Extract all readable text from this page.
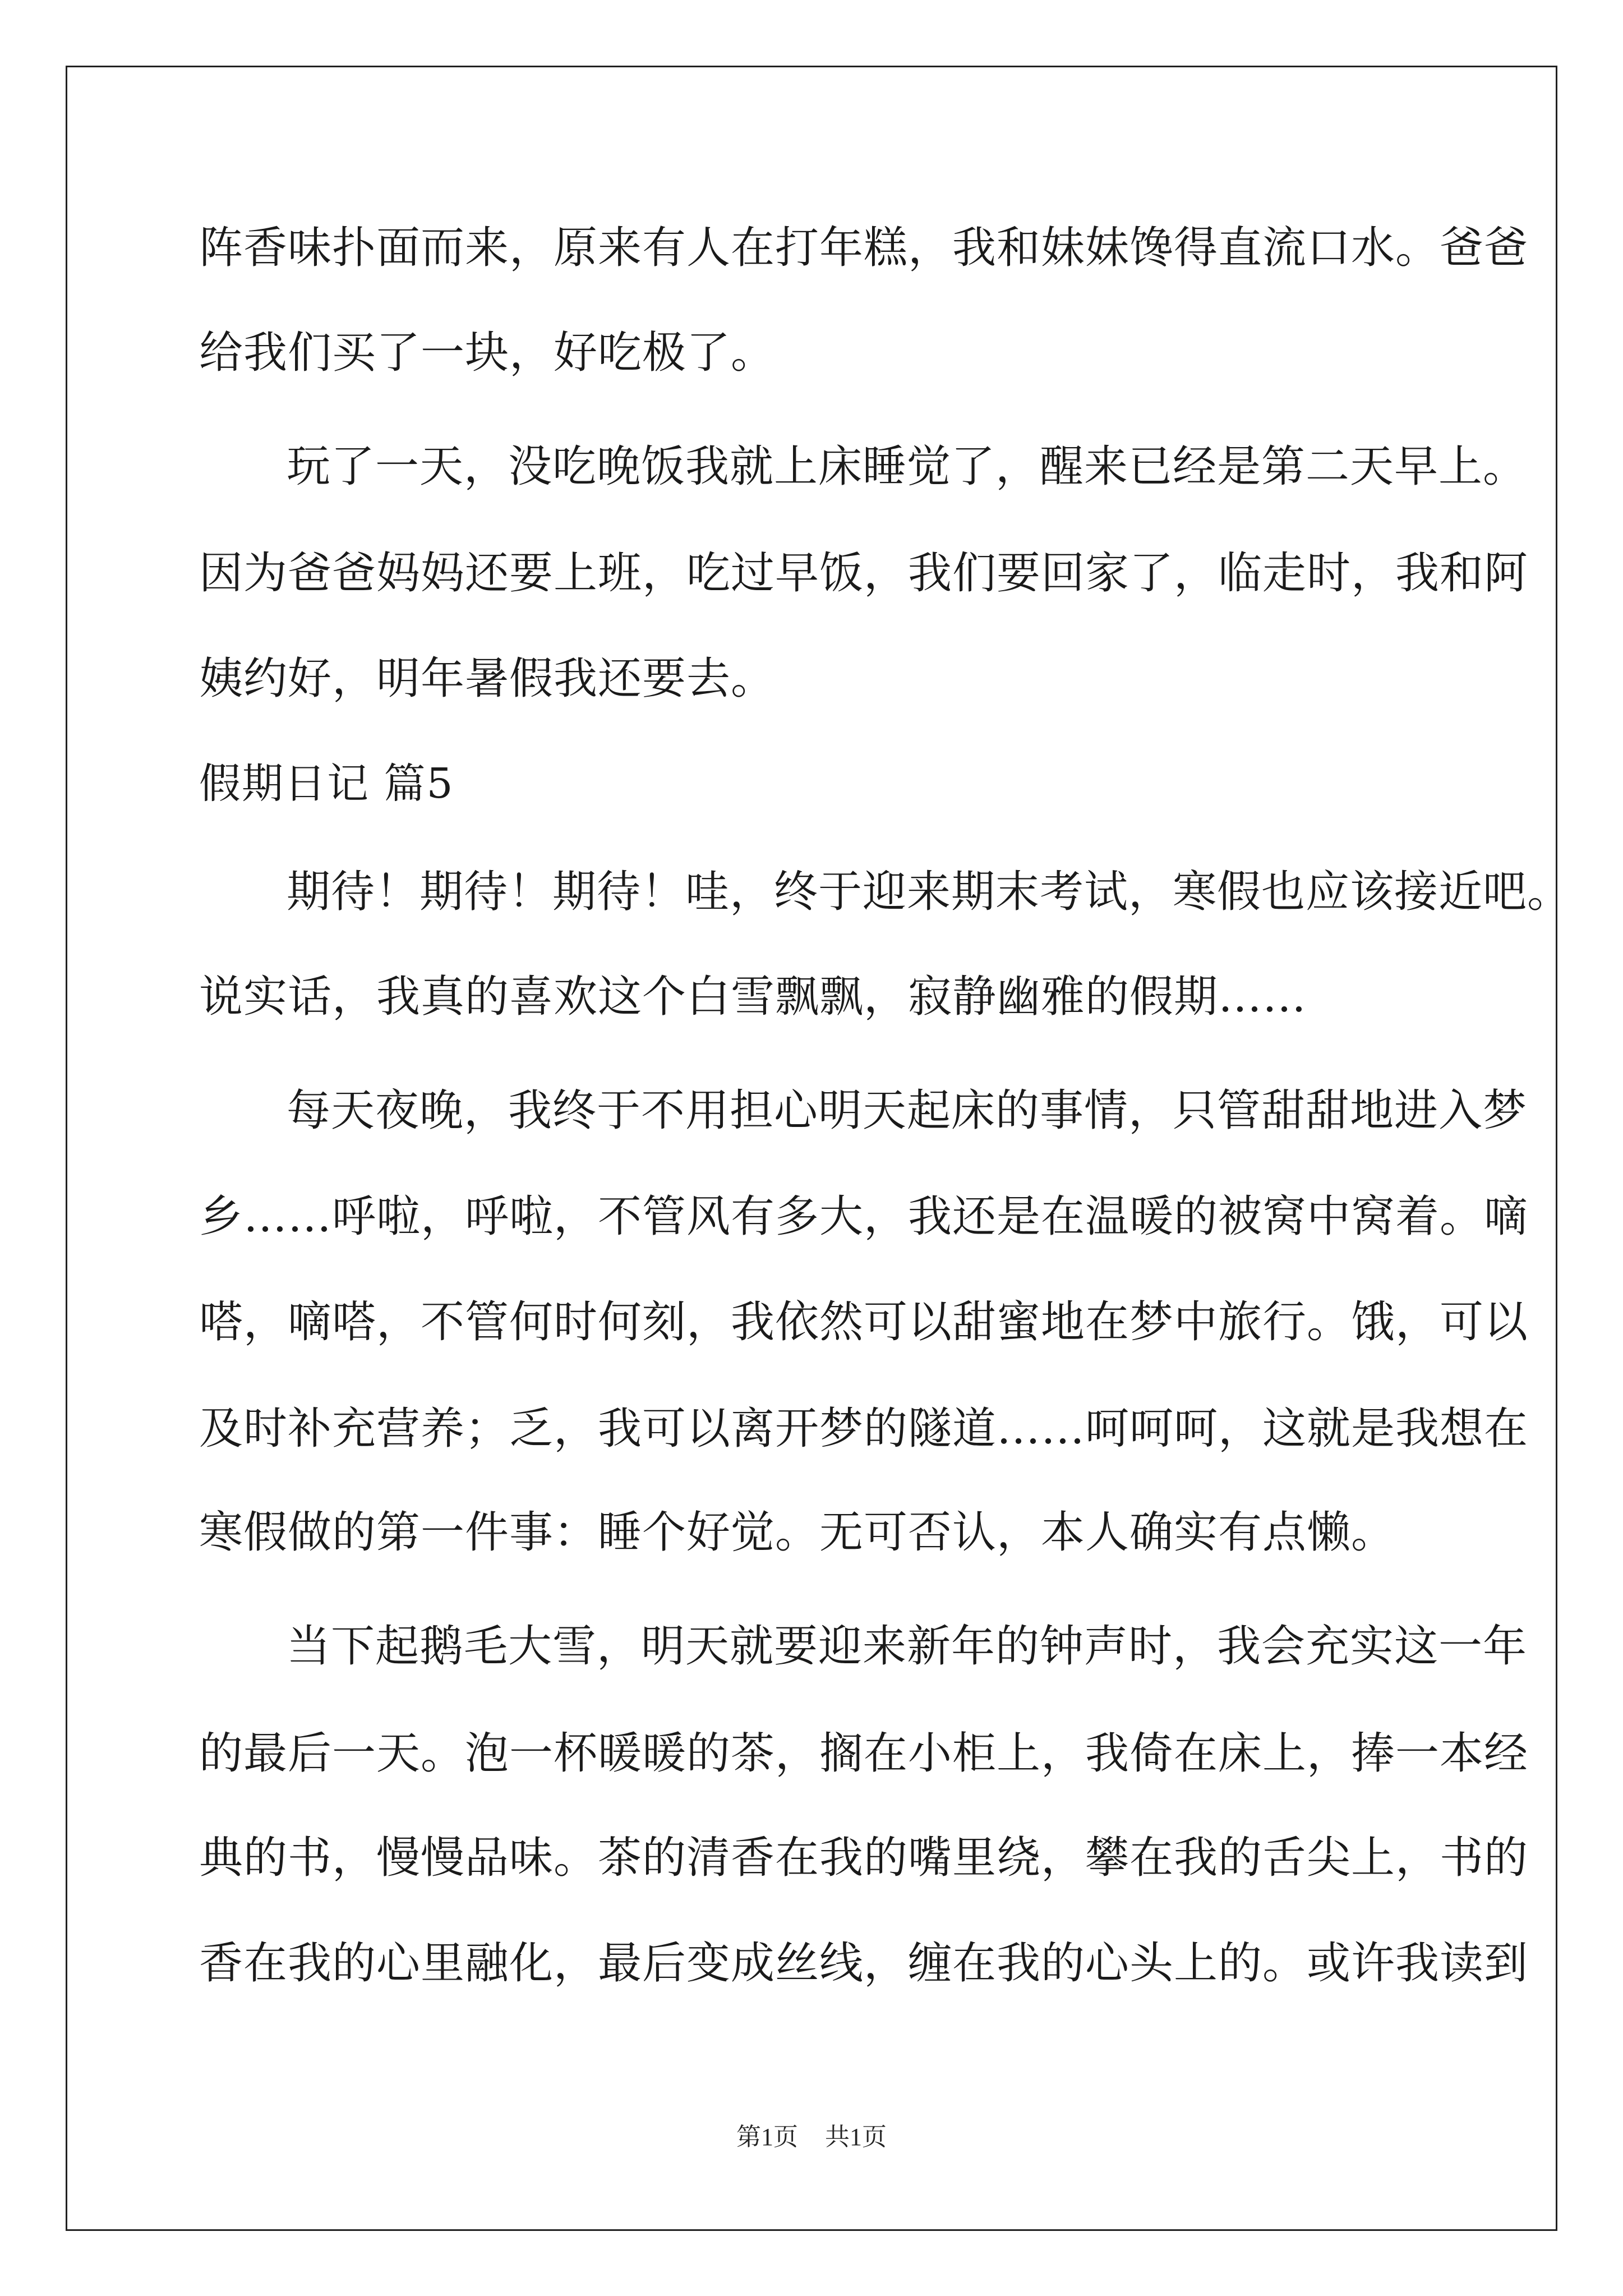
阵香味扑面而来，原来有人在打年糕，我和妹妹馋得直流口水。爸爸

给我们买了一块，好吃极了。

玩了一天，没吃晚饭我就上床睡觉了，醒来已经是第二天早上。

因为爸爸妈妈还要上班，吃过早饭，我们要回家了，临走时，我和阿

姨约好，明年暑假我还要去。

假期日记 篇5

期待！期待！期待！哇，终于迎来期末考试，寒假也应该接近吧。

说实话，我真的喜欢这个白雪飘飘，寂静幽雅的假期……

每天夜晚，我终于不用担心明天起床的事情，只管甜甜地进入梦

乡……呼啦，呼啦，不管风有多大，我还是在温暖的被窝中窝着。嘀

嗒，嘀嗒，不管何时何刻，我依然可以甜蜜地在梦中旅行。饿，可以

及时补充营养；乏，我可以离开梦的隧道……呵呵呵，这就是我想在

寒假做的第一件事：睡个好觉。无可否认，本人确实有点懒。

当下起鹅毛大雪，明天就要迎来新年的钟声时，我会充实这一年

的最后一天。泡一杯暖暖的茶，搁在小柜上，我倚在床上，捧一本经

典的书，慢慢品味。茶的清香在我的嘴里绕，攀在我的舌尖上，书的

香在我的心里融化，最后变成丝线，缠在我的心头上的。或许我读到

第1页 共1页
